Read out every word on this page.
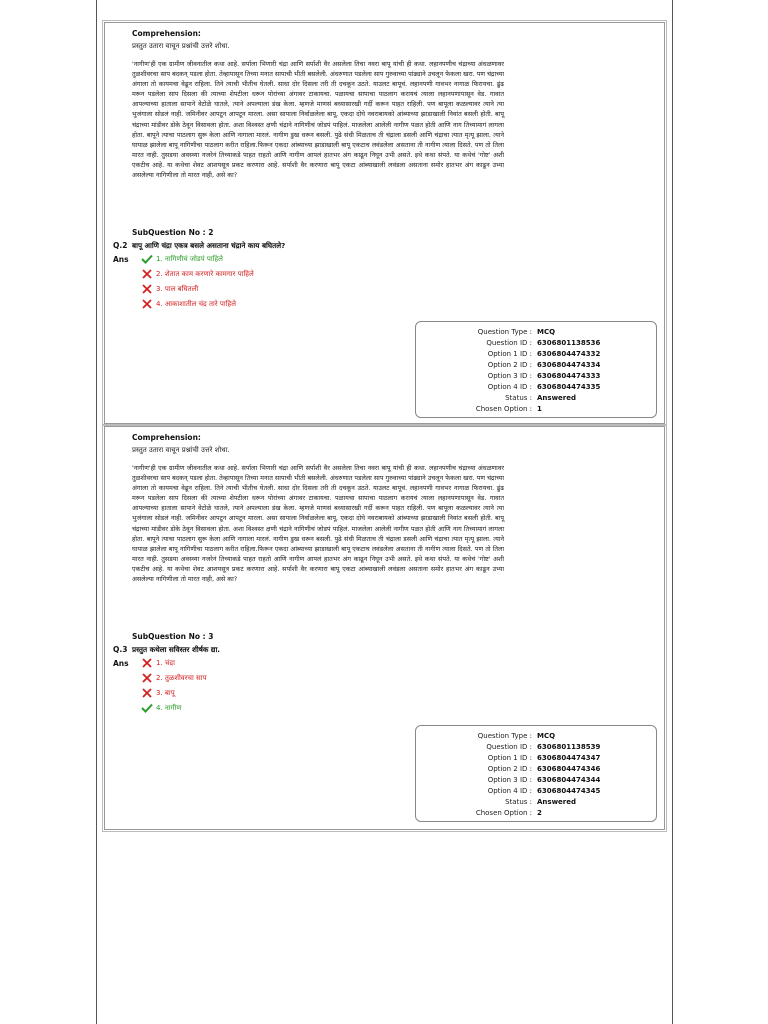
Comprehension:
प्रस्तुत उतारा वाचून प्रश्नांची उत्तरे शोधा.
'नागीण'ही एक ग्रामीण जीवनातील कथा आहे. सर्पाला भिणारी चंद्रा आणि सर्पाशी वैर असलेला तिचा नवरा बापू यांची ही कथा. लहानपणीच चंद्राच्या अंधळणावर तुळशीवरचा साप बदकन् पडला होता. तेव्हापासून तिच्या मनात सापाची भीती बसलेली. अंधरुणात पडलेला साप गुरुवाच्या पांढ्याने उचलून फेकला खरा. पण चंद्राच्या अंगाला तो कायमचा वेढून राहिला. तिने त्याची भीतीच घेतली. साधा दोर दिसला तरी ती दचकून उठते. याउलट बापूचं. लहानपणी गावभर नागाळ फिरायचा. ढुंढ मरून पडलेला साप दिसला की त्याच्या शेपटीला धरून पोरांच्या अंगावर टाकायचा. पळायचा सापाचा पाठलाग करायचं त्याला लहानपणापासून वेड. गावात आपल्याच्या हाताला सापाने वेटोळे घातले, त्याने अपल्याला डंख केला. म्हणजे माणसं बध्यासारखी गर्दी करून पाहत राहिली. पण बापूला कळल्यावर त्याने त्या भुजंगाला सोडलं नाही. जमिनीवर आपटून आपटून मारला. असा सापाला निर्वाळलेला बापू, एकदा दोघे नवराबायको आंब्याच्या झाडाखाली निवांत बसली होती. बापू चंद्राच्या मांडीवर डोके ठेवून विसावला होता. अशा विश्वस्त क्षणी चंद्राने नागिणीचं जोडपं पाहिलं. माजलेला आलेली नागीण पळत होती आणि नाग तिच्यामागं लागला होता. बापूने त्याचा पाठलाग सुरू केला आणि नागाला मारलं. नागीण डुख धरून बसली. पुढे संधी मिळताच ती चंद्राला डसली आणि चंद्राचा त्यात मृत्यू झाला. त्याने घायाळ झालेला बापू नागिणीचा पाठलाग करीत राहिला.फिरून एकदा आंब्याच्या झाडाखाली बापू एकटाच लवंडलेला असताना ती नागीण त्याला दिसते. पण तो तिला मारत नाही. तुसडया अवस्थ्या नजरेनं तिच्याकडे पाहत राहतो आणि नागीण आपलं हातभर अंग काढून निघून उभी असते. इथे कथा संपते. या कथेचं 'गोष्ट' अशी एकटीच आहे. या कथेचा शेवट आशयसूत्र प्रकट करणारा आहे. सर्पाशी वैर करणारा बापू एकटा आंब्याखाली लवंडला असताना समोर हातभर अंग काढून उभ्या असलेल्या नागिणीला तो मारत नाही, असे का?
SubQuestion No : 2
Q.2 बापू आणि चंद्रा एकत्र बसले असताना चंद्राने काय बघितले?
Ans	1. नागिणीचं जोडपं पाहिले
2. शेतात काम करणारे कामगार पाहिले
3. पाल बघितली
4. आकाशातील चंद्र तारे पाहिले
Question Type : MCQ
Question ID : 6306801138536
Option 1 ID : 6306804474332
Option 2 ID : 6306804474334
Option 3 ID : 6306804474333
Option 4 ID : 6306804474335
Status : Answered
Chosen Option : 1
Comprehension:
प्रस्तुत उतारा वाचून प्रश्नांची उत्तरे शोधा.
'नागीण'ही एक ग्रामीण जीवनातील कथा आहे. सर्पाला भिणारी चंद्रा आणि सर्पाशी वैर असलेला तिचा नवरा बापू यांची ही कथा. लहानपणीच चंद्राच्या अंधळणावर तुळशीवरचा साप बदकन् पडला होता. तेव्हापासून तिच्या मनात सापाची भीती बसलेली. अंधरुणात पडलेला साप गुरुवाच्या पांढ्याने उचलून फेकला खरा. पण चंद्राच्या अंगाला तो कायमचा वेढून राहिला. तिने त्याची भीतीच घेतली. साधा दोर दिसला तरी ती दचकून उठते. याउलट बापूचं. लहानपणी गावभर नागाळ फिरायचा. ढुंढ मरून पडलेला साप दिसला की त्याच्या शेपटीला धरून पोरांच्या अंगावर टाकायचा. पळायचा सापाचा पाठलाग करायचं त्याला लहानपणापासून वेड. गावात आपल्याच्या हाताला सापाने वेटोळे घातले, त्याने अपल्याला डंख केला. म्हणजे माणसं बध्यासारखी गर्दी करून पाहत राहिली. पण बापूला कळल्यावर त्याने त्या भुजंगाला सोडलं नाही. जमिनीवर आपटून आपटून मारला. असा सापाला निर्वाळलेला बापू, एकदा दोघे नवराबायको आंब्याच्या झाडाखाली निवांत बसली होती. बापू चंद्राच्या मांडीवर डोके ठेवून विसावला होता. अशा विश्वस्त क्षणी चंद्राने नागिणीचं जोडपं पाहिलं. माजलेला आलेली नागीण पळत होती आणि नाग तिच्यामागं लागला होता. बापूने त्याचा पाठलाग सुरू केला आणि नागाला मारलं. नागीण डुख धरून बसली. पुढे संधी मिळताच ती चंद्राला डसली आणि चंद्राचा त्यात मृत्यू झाला. त्याने घायाळ झालेला बापू नागिणीचा पाठलाग करीत राहिला.फिरून एकदा आंब्याच्या झाडाखाली बापू एकटाच लवंडलेला असताना ती नागीण त्याला दिसते. पण तो तिला मारत नाही. तुसडया अवस्थ्या नजरेनं तिच्याकडे पाहत राहतो आणि नागीण आपलं हातभर अंग काढून निघून उभी असते. इथे कथा संपते. या कथेचं 'गोष्ट' अशी एकटीच आहे. या कथेचा शेवट आशयसूत्र प्रकट करणारा आहे. सर्पाशी वैर करणारा बापू एकटा आंब्याखाली लवंडला असताना समोर हातभर अंग काढून उभ्या असलेल्या नागिणीला तो मारत नाही, असे का?
SubQuestion No : 3
Q.3 प्रस्तुत कथेला सविस्तर शीर्षक द्या.
Ans	1. चंद्रा
2. तुळशीवरचा साप
3. बापू
4. नागीण
Question Type : MCQ
Question ID : 6306801138539
Option 1 ID : 6306804474347
Option 2 ID : 6306804474346
Option 3 ID : 6306804474344
Option 4 ID : 6306804474345
Status : Answered
Chosen Option : 2
